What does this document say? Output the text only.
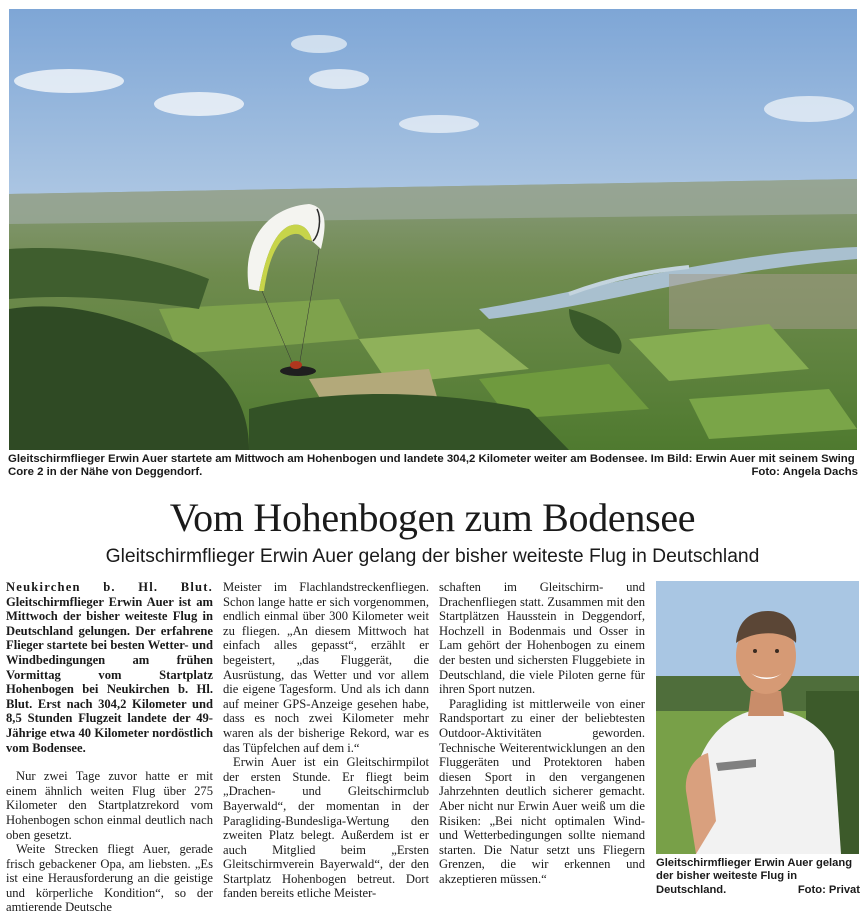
Gleitschirmflieger Erwin Auer startete am Mittwoch am Hohenbogen und landete 304,2 Kilometer weiter am Bodensee. Im Bild: Erwin Auer mit seinem Swing Core 2 in der Nähe von Deggendorf.	Foto: Angela Dachs
Vom Hohenbogen zum Bodensee
Gleitschirmflieger Erwin Auer gelang der bisher weiteste Flug in Deutschland

Neukirchen b. Hl. Blut. Gleitschirmflieger Erwin Auer ist am Mittwoch der bisher weiteste Flug in Deutschland gelungen. Der erfahrene Flieger startete bei besten Wetter- und Windbedingungen am frühen Vormittag vom Startplatz Hohenbogen bei Neukirchen b. Hl. Blut. Erst nach 304,2 Kilometer und 8,5 Stunden Flugzeit landete der 49-Jährige etwa 40 Kilometer nordöstlich vom Bodensee.

Nur zwei Tage zuvor hatte er mit einem ähnlich weiten Flug über 275 Kilometer den Startplatzrekord vom Hohenbogen schon einmal deutlich nach oben gesetzt.

Weite Strecken fliegt Auer, gerade frisch gebackener Opa, am liebsten. „Es ist eine Herausforderung an die geistige und körperliche Kondition“, so der amtierende Deutsche

Meister im Flachlandstreckenfliegen. Schon lange hatte er sich vorgenommen, endlich einmal über 300 Kilometer weit zu fliegen. „An diesem Mittwoch hat einfach alles gepasst“, erzählt er begeistert, „das Fluggerät, die Ausrüstung, das Wetter und vor allem die eigene Tagesform. Und als ich dann auf meiner GPS-Anzeige gesehen habe, dass es noch zwei Kilometer mehr waren als der bisherige Rekord, war es das Tüpfelchen auf dem i.“

Erwin Auer ist ein Gleitschirmpilot der ersten Stunde. Er fliegt beim „Drachen- und Gleitschirmclub Bayerwald“, der momentan in der Paragliding-Bundesliga-Wertung den zweiten Platz belegt. Außerdem ist er auch Mitglied beim „Ersten Gleitschirmverein Bayerwald“, der den Startplatz Hohenbogen betreut. Dort fanden bereits etliche Meister-

schaften im Gleitschirm- und Drachenfliegen statt. Zusammen mit den Startplätzen Hausstein in Deggendorf, Hochzell in Bodenmais und Osser in Lam gehört der Hohenbogen zu einem der besten und sichersten Fluggebiete in Deutschland, die viele Piloten gerne für ihren Sport nutzen.

Paragliding ist mittlerweile von einer Randsportart zu einer der beliebtesten Outdoor-Aktivitäten geworden. Technische Weiterentwicklungen an den Fluggeräten und Protektoren haben diesen Sport in den vergangenen Jahrzehnten deutlich sicherer gemacht. Aber nicht nur Erwin Auer weiß um die Risiken: „Bei nicht optimalen Wind- und Wetterbedingungen sollte niemand starten. Die Natur setzt uns Fliegern Grenzen, die wir erkennen und akzeptieren müssen.“

Gleitschirmflieger Erwin Auer gelang der bisher weiteste Flug in Deutschland.	Foto: Privat
